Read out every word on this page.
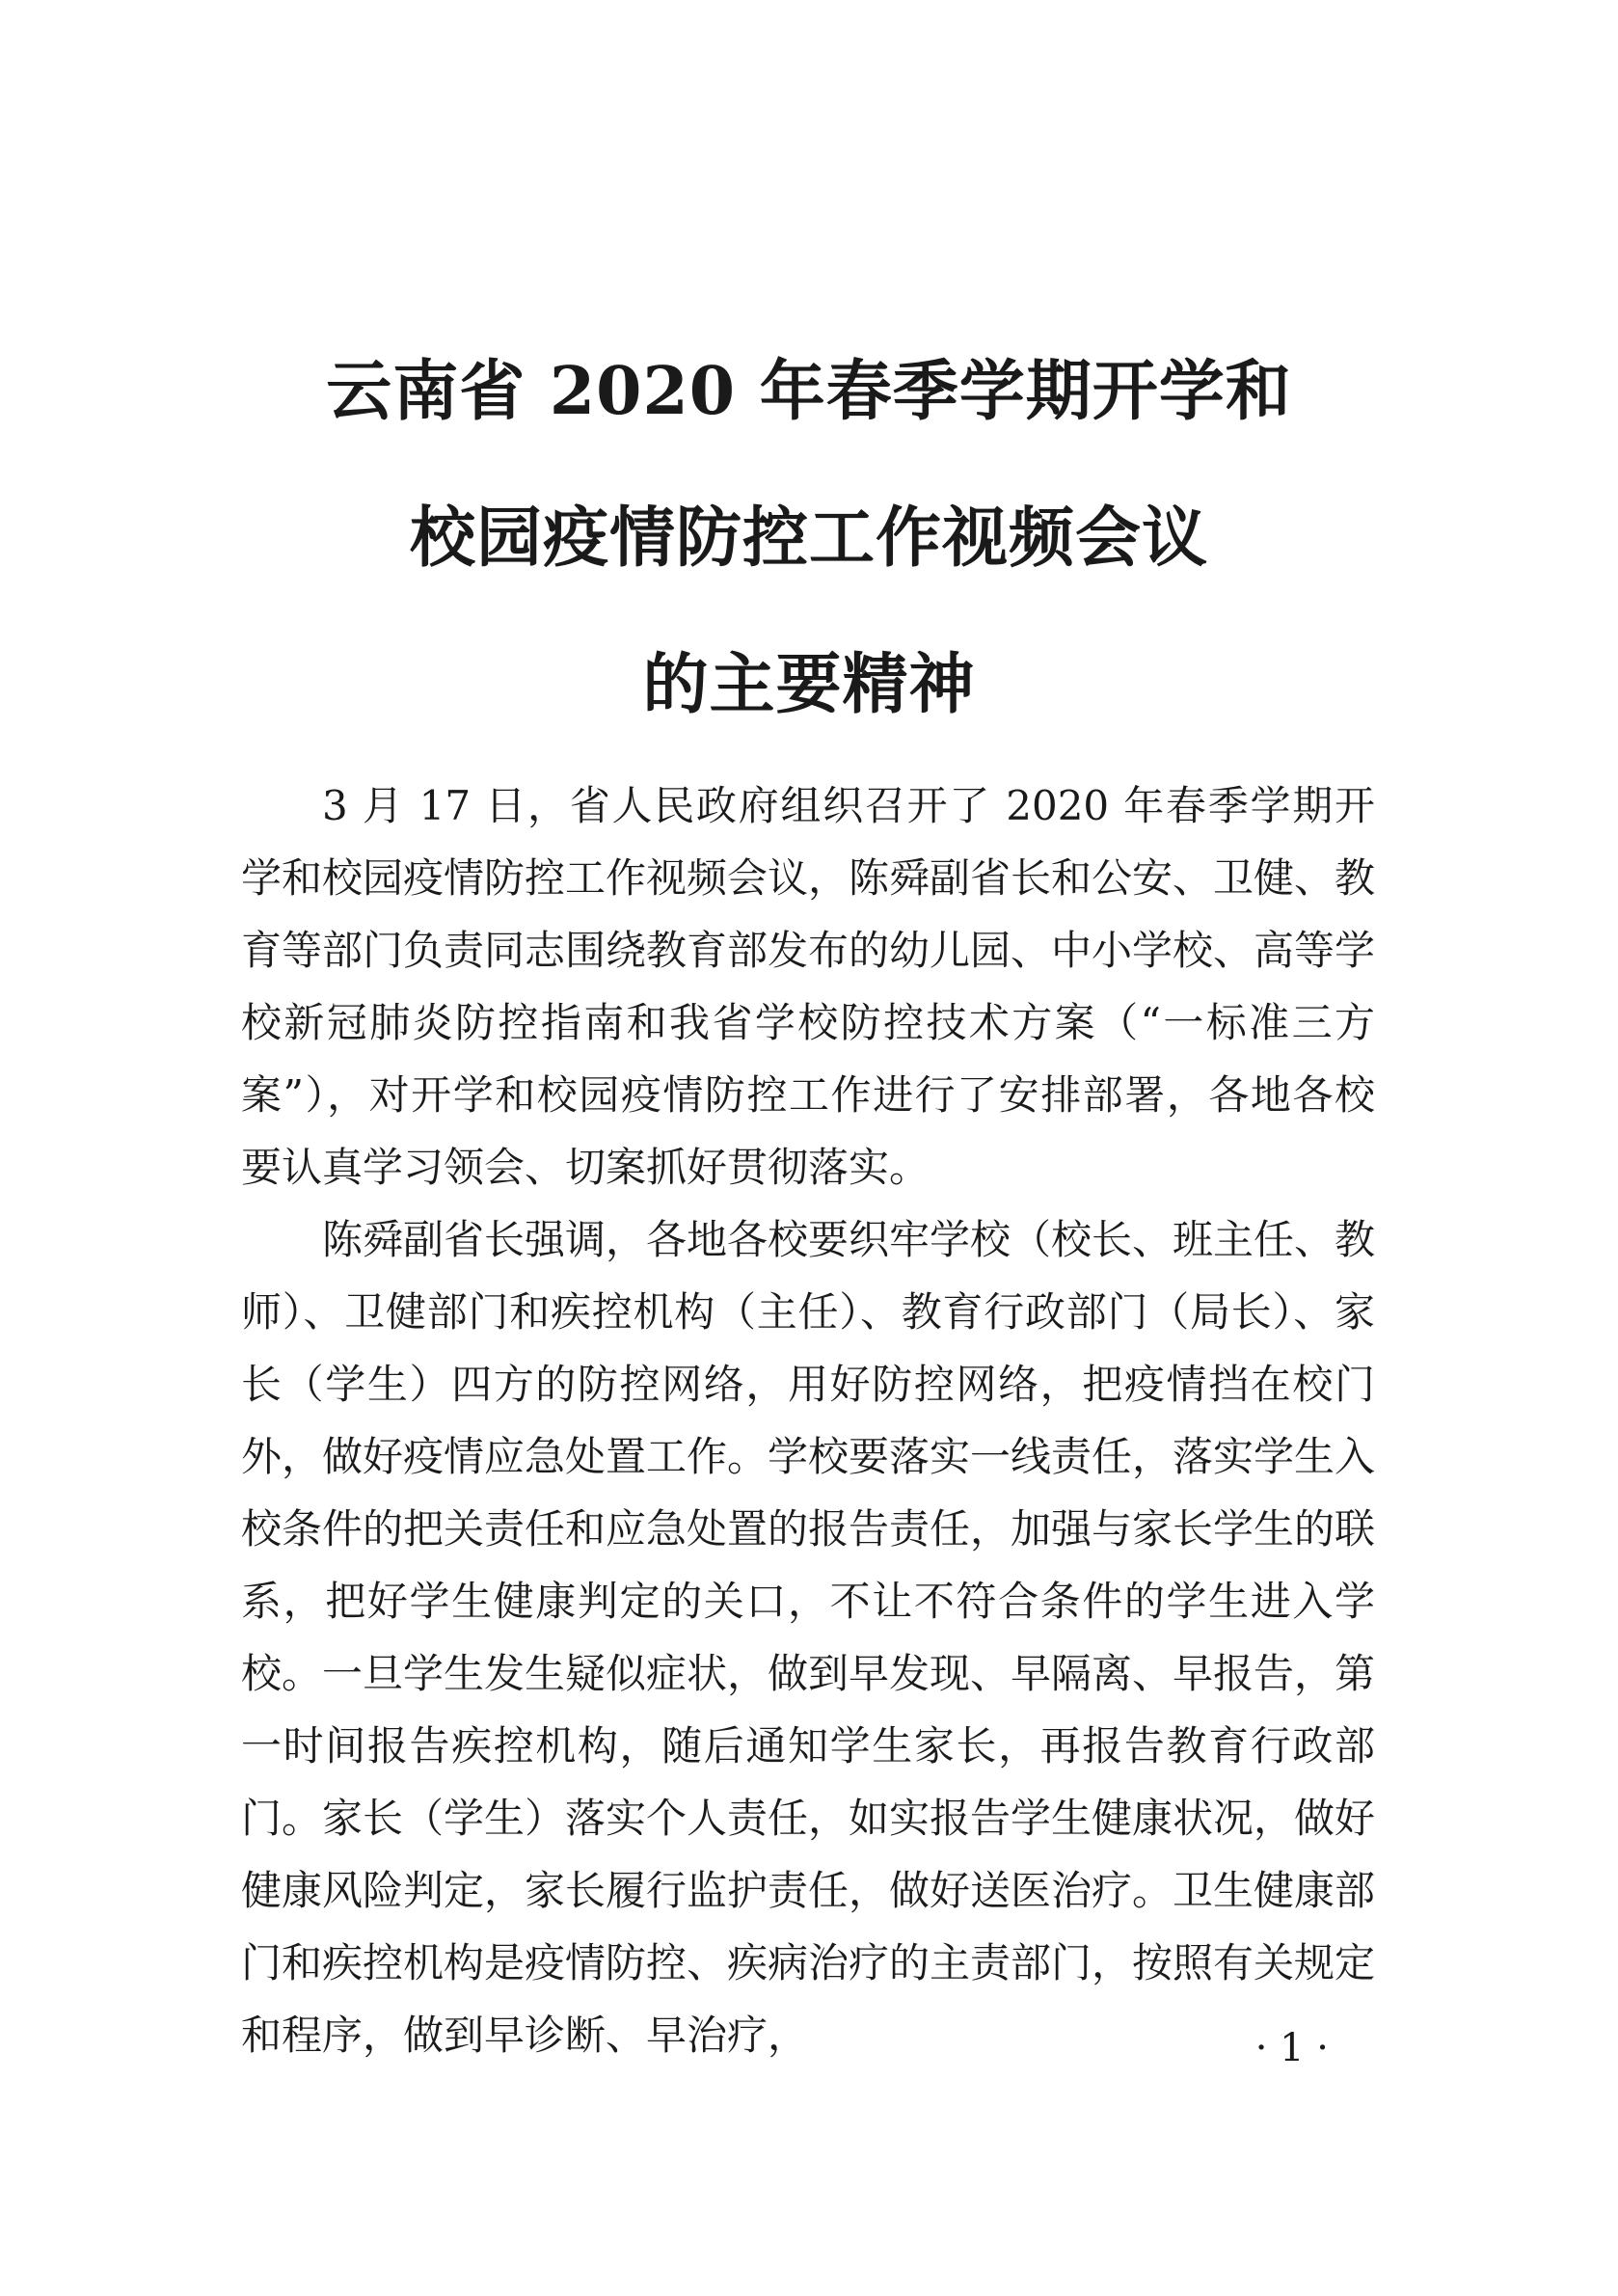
云南省 2020 年春季学期开学和
校园疫情防控工作视频会议
的主要精神

3 月 17 日，省人民政府组织召开了 2020 年春季学期开学和校园疫情防控工作视频会议，陈舜副省长和公安、卫健、教育等部门负责同志围绕教育部发布的幼儿园、中小学校、高等学校新冠肺炎防控指南和我省学校防控技术方案（“一标准三方案”），对开学和校园疫情防控工作进行了安排部署，各地各校要认真学习领会、切案抓好贯彻落实。

陈舜副省长强调，各地各校要织牢学校（校长、班主任、教师）、卫健部门和疾控机构（主任）、教育行政部门（局长）、家长（学生）四方的防控网络，用好防控网络，把疫情挡在校门外，做好疫情应急处置工作。学校要落实一线责任，落实学生入校条件的把关责任和应急处置的报告责任，加强与家长学生的联系，把好学生健康判定的关口，不让不符合条件的学生进入学校。一旦学生发生疑似症状，做到早发现、早隔离、早报告，第一时间报告疾控机构，随后通知学生家长，再报告教育行政部门。家长（学生）落实个人责任，如实报告学生健康状况，做好健康风险判定，家长履行监护责任，做好送医治疗。卫生健康部门和疾控机构是疫情防控、疾病治疗的主责部门，按照有关规定和程序，做到早诊断、早治疗，	· 1 ·
